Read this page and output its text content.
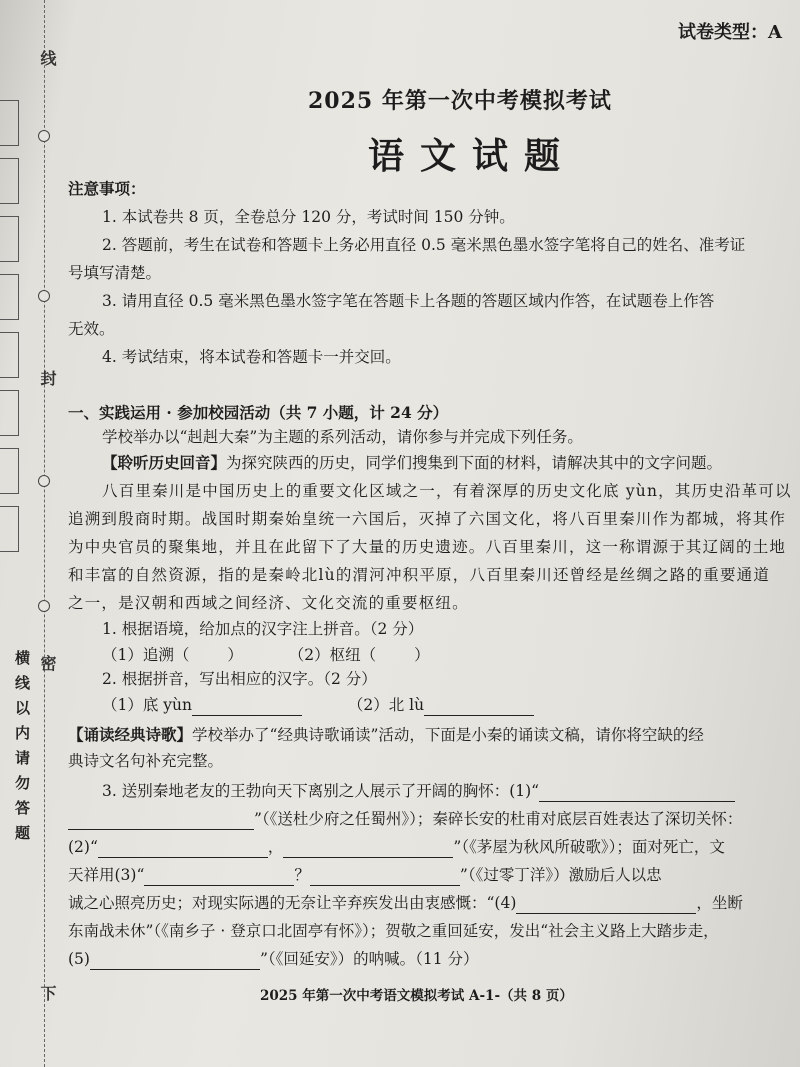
线
封
密
横线以内请勿答题
下
试卷类型：A
2025 年第一次中考模拟考试
语文试题
注意事项：
1. 本试卷共 8 页，全卷总分 120 分，考试时间 150 分钟。
2. 答题前，考生在试卷和答题卡上务必用直径 0.5 毫米黑色墨水签字笔将自己的姓名、准考证
号填写清楚。
3. 请用直径 0.5 毫米黑色墨水签字笔在答题卡上各题的答题区域内作答，在试题卷上作答
无效。
4. 考试结束，将本试卷和答题卡一并交回。
一、实践运用 · 参加校园活动（共 7 小题，计 24 分）
学校举办以“赳赳大秦”为主题的系列活动，请你参与并完成下列任务。
【聆听历史回音】为探究陕西的历史，同学们搜集到下面的材料，请解决其中的文字问题。
八百里秦川是中国历史上的重要文化区域之一，有着深厚的历史文化底 yùn，其历史沿革可以
追溯到殷商时期。战国时期秦始皇统一六国后，灭掉了六国文化，将八百里秦川作为都城，将其作
为中央官员的聚集地，并且在此留下了大量的历史遗迹。八百里秦川，这一称谓源于其辽阔的土地
和丰富的自然资源，指的是秦岭北lù的渭河冲积平原，八百里秦川还曾经是丝绸之路的重要通道
之一，是汉朝和西域之间经济、文化交流的重要枢纽。
1. 根据语境，给加点的汉字注上拼音。（2 分）
（1）追溯（ ）	（2）枢纽（ ）
2. 根据拼音，写出相应的汉字。（2 分）
（1）底 yùn	（2）北 lù
【诵读经典诗歌】学校举办了“经典诗歌诵读”活动，下面是小秦的诵读文稿，请你将空缺的经
典诗文名句补充完整。
3. 送别秦地老友的王勃向天下离别之人展示了开阔的胸怀：(1)“
”（《送杜少府之任蜀州》）；秦碎长安的杜甫对底层百姓表达了深切关怀：
(2)“	，	”（《茅屋为秋风所破歌》）；面对死亡，文
天祥用(3)“	？	”（《过零丁洋》）激励后人以忠
诚之心照亮历史；对现实际遇的无奈让辛弃疾发出由衷感慨：“(4)	，坐断
东南战未休”（《南乡子 · 登京口北固亭有怀》）；贺敬之重回延安，发出“社会主义路上大踏步走，
(5)	”（《回延安》）的呐喊。（11 分）
2025 年第一次中考语文模拟考试 A-1-（共 8 页）
